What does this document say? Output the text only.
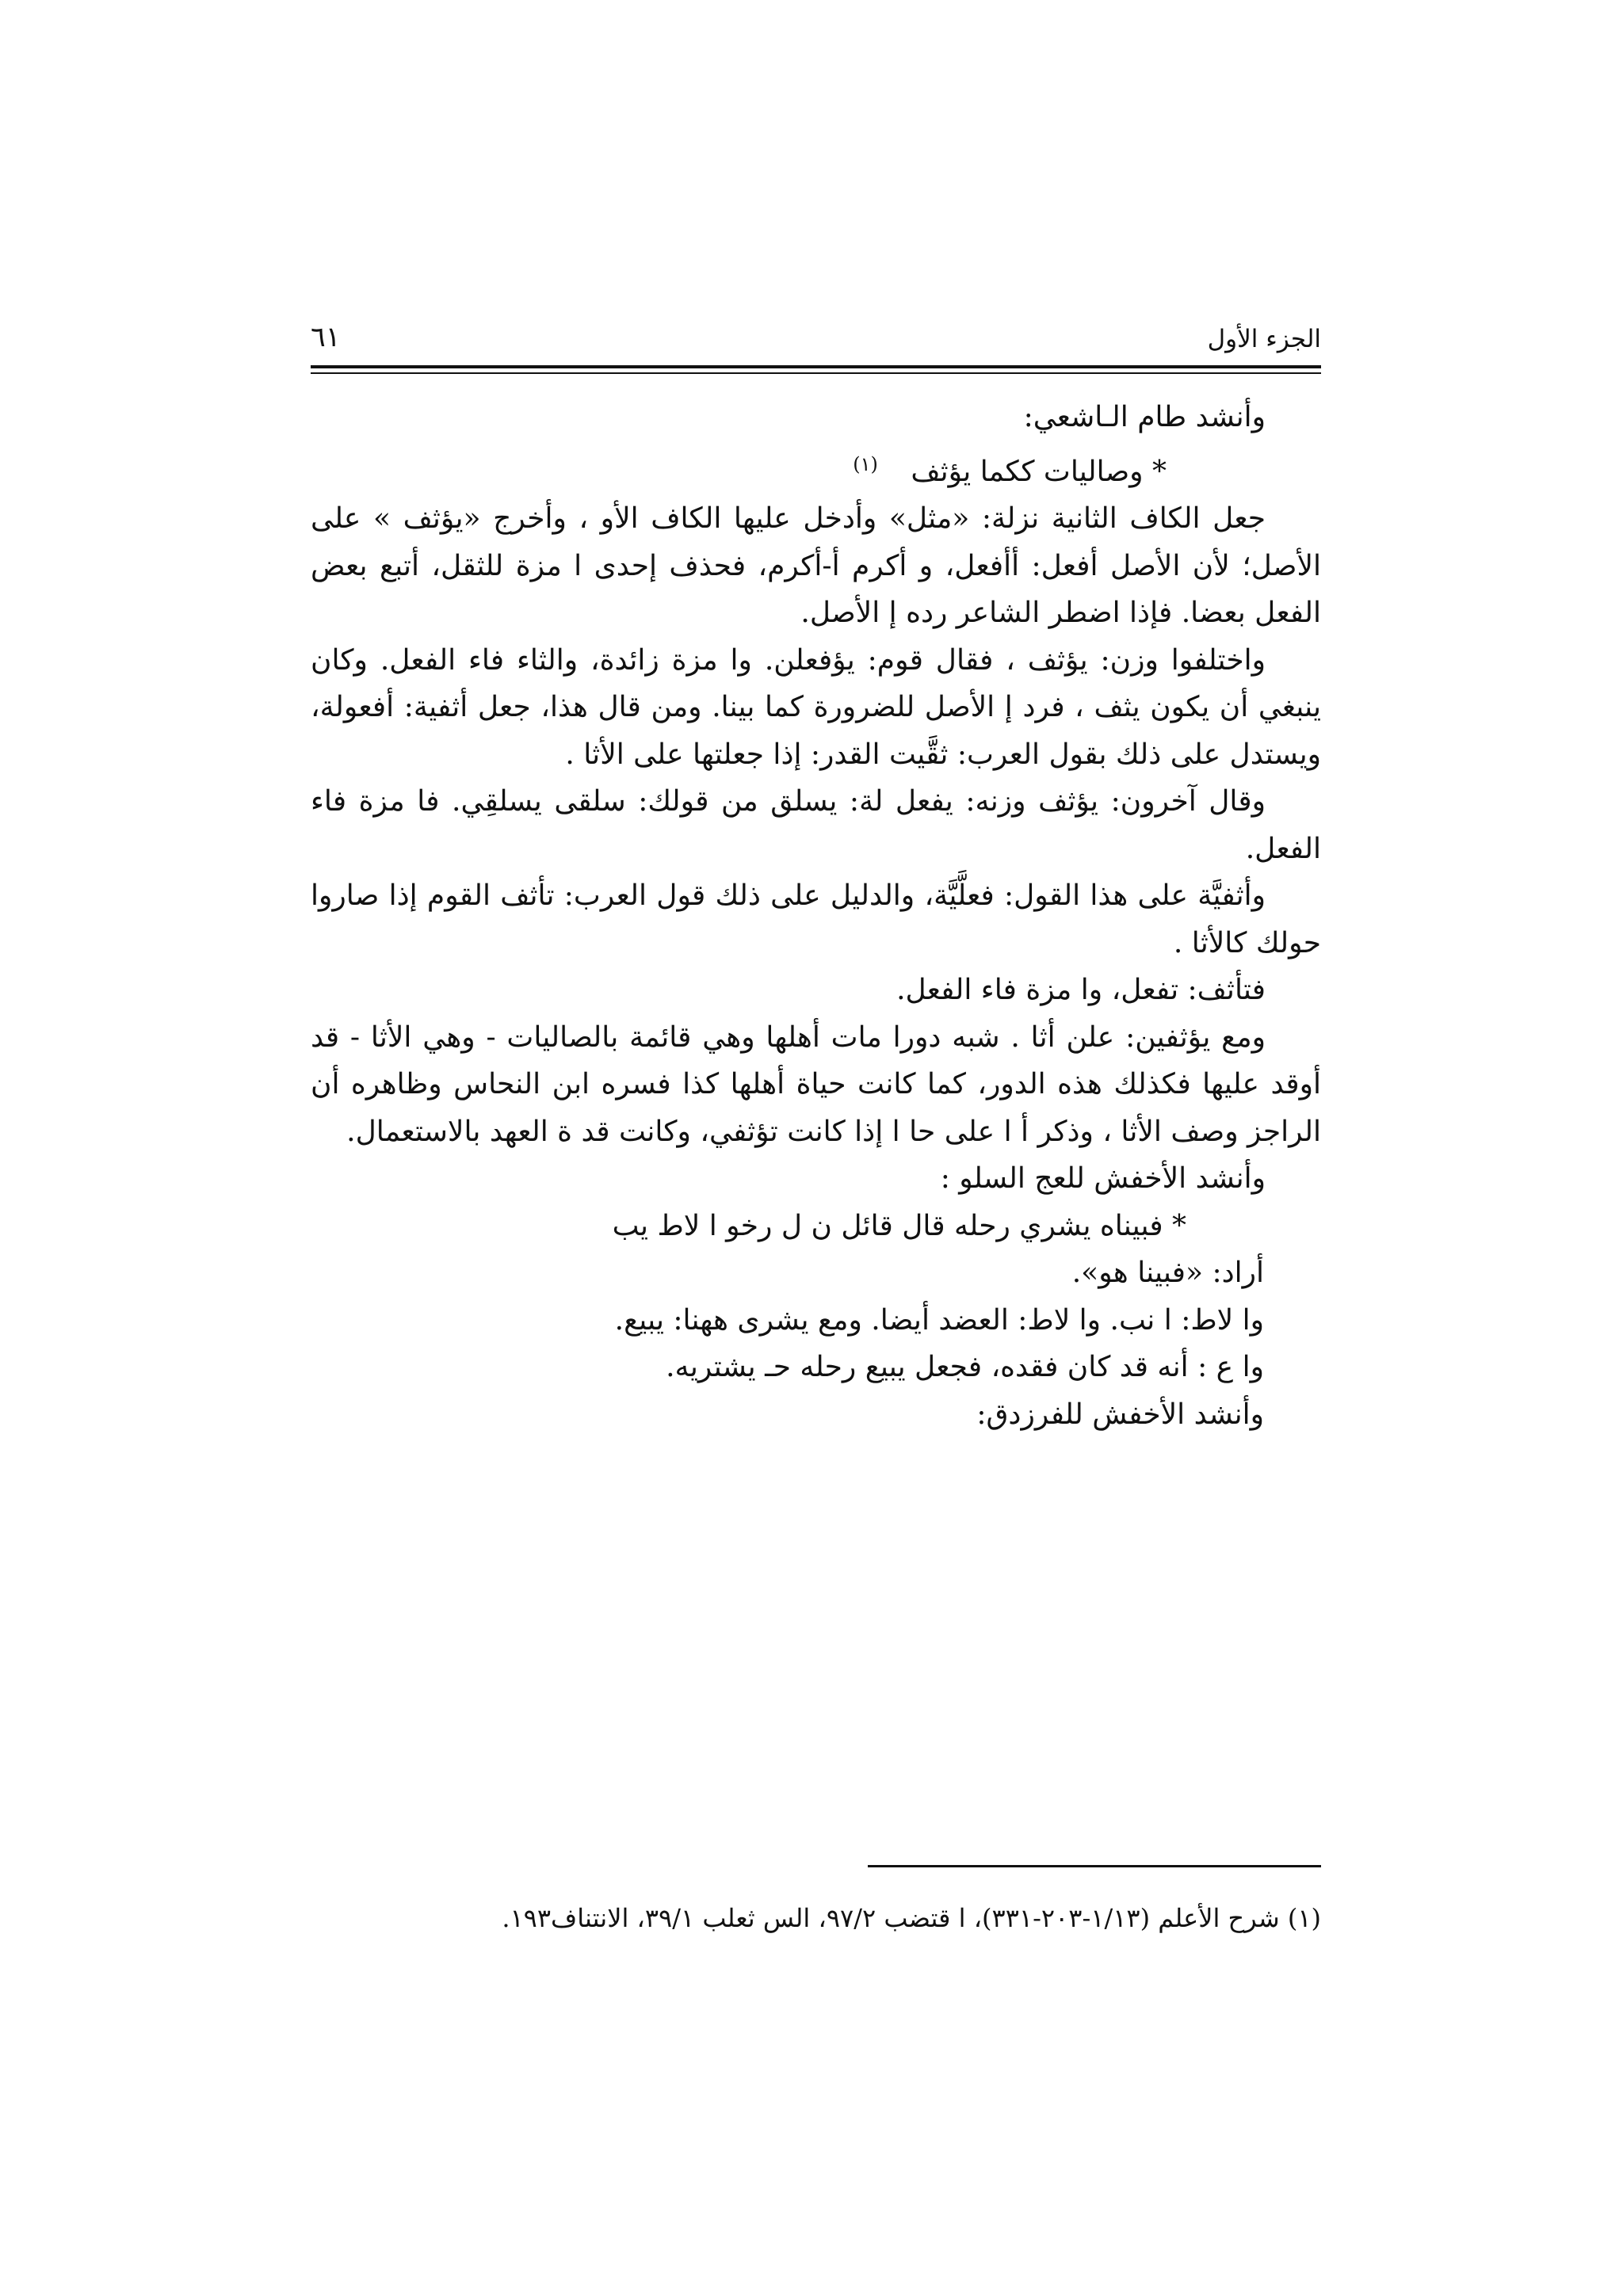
الجزء الأول
٦١

وأنشد طام الـاشعي:

* وصاليات ككما يؤثف $^{(١)}$

جعل الكاف الثانية نزلة: «مثل» وأدخل عليها الكاف الأو ، وأخرج «يؤثف » على الأصل؛ لأن الأصل أفعل: أأفعل، و أكرم أ-أكرم، فحذف إحدى ا مزة للثقل، أتبع بعض الفعل بعضا. فإذا اضطر الشاعر رده إ الأصل.

واختلفوا وزن: يؤثف ، فقال قوم: يؤفعلن. وا مزة زائدة، والثاء فاء الفعل. وكان ينبغي أن يكون يثف ، فرد إ الأصل للضرورة كما بينا. ومن قال هذا، جعل أثفية: أفعولة، ويستدل على ذلك بقول العرب: ثقَّيت القدر: إذا جعلتها على الأثا .

وقال آخرون: يؤثف وزنه: يفعل لة: يسلق من قولك: سلقى يسلقِي. فا مزة فاء الفعل.

وأثفيَّة على هذا القول: فعلَّيَّة، والدليل على ذلك قول العرب: تأثف القوم إذا صاروا حولك كالأثا .

فتأثف: تفعل، وا مزة فاء الفعل.

ومع يؤثفين: علن أثا . شبه دورا مات أهلها وهي قائمة بالصاليات - وهي الأثا - قد أوقد عليها فكذلك هذه الدور، كما كانت حياة أهلها كذا فسره ابن النحاس وظاهره أن الراجز وصف الأثا ، وذكر أ ا على حا ا إذا كانت تؤثفي، وكانت قد ة العهد بالاستعمال.

وأنشد الأخفش للعج السلو :

* فبيناه يشري رحله قال قائل ن ل رخو ا لاط يب

أراد: «فبينا هو».

وا لاط: ا نب. وا لاط: العضد أيضا. ومع يشرى ههنا: يبيع.

وا ع : أنه قد كان فقده، فجعل يبيع رحله حـ يشتريه.

وأنشد الأخفش للفرزدق:

(١) شرح الأعلم (١/١٣-٢٠٣-٣٣١)، ا قتضب ٩٧/٢، الس ثعلب ٣٩/١، الانتناف١٩٣.
